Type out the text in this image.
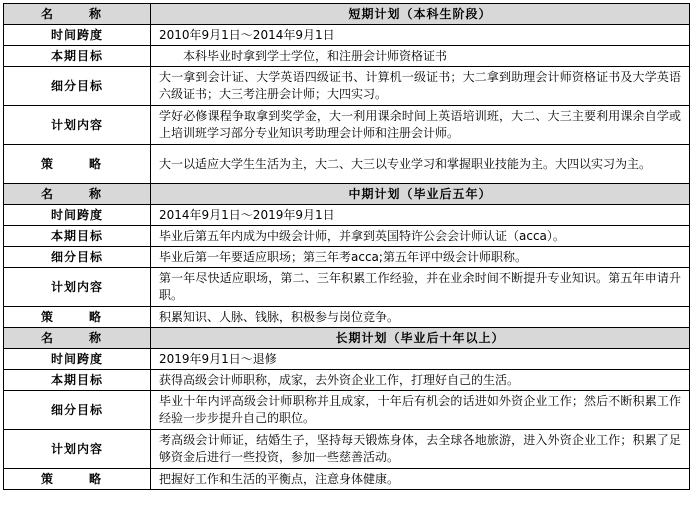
名　称	短期计划（本科生阶段）
时间跨度	2010年9月1日～2014年9月1日
本期目标	本科毕业时拿到学士学位，和注册会计师资格证书
细分目标	大一拿到会计证、大学英语四级证书、计算机一级证书；大二拿到助理会计师资格证书及大学英语六级证书；大三考注册会计师；大四实习。
计划内容	学好必修课程争取拿到奖学金，大一利用课余时间上英语培训班，大二、大三主要利用课余自学或上培训班学习部分专业知识考助理会计师和注册会计师。
策　略	大一以适应大学生生活为主，大二、大三以专业学习和掌握职业技能为主。大四以实习为主。
名　称	中期计划（毕业后五年）
时间跨度	2014年9月1日～2019年9月1日
本期目标	毕业后第五年内成为中级会计师，并拿到英国特许公会会计师认证（acca）。
细分目标	毕业后第一年要适应职场；第三年考acca;第五年评中级会计师职称。
计划内容	第一年尽快适应职场，第二、三年积累工作经验，并在业余时间不断提升专业知识。第五年申请升职。
策　略	积累知识、人脉、钱脉，积极参与岗位竞争。
名　称	长期计划（毕业后十年以上）
时间跨度	2019年9月1日～退修
本期目标	获得高级会计师职称，成家，去外资企业工作，打理好自己的生活。
细分目标	毕业十年内评高级会计师职称并且成家，十年后有机会的话进如外资企业工作；然后不断积累工作经验一步步提升自己的职位。
计划内容	考高级会计师证，结婚生子，坚持每天锻炼身体，去全球各地旅游，进入外资企业工作；积累了足够资金后进行一些投资，参加一些慈善活动。
策　略	把握好工作和生活的平衡点，注意身体健康。
